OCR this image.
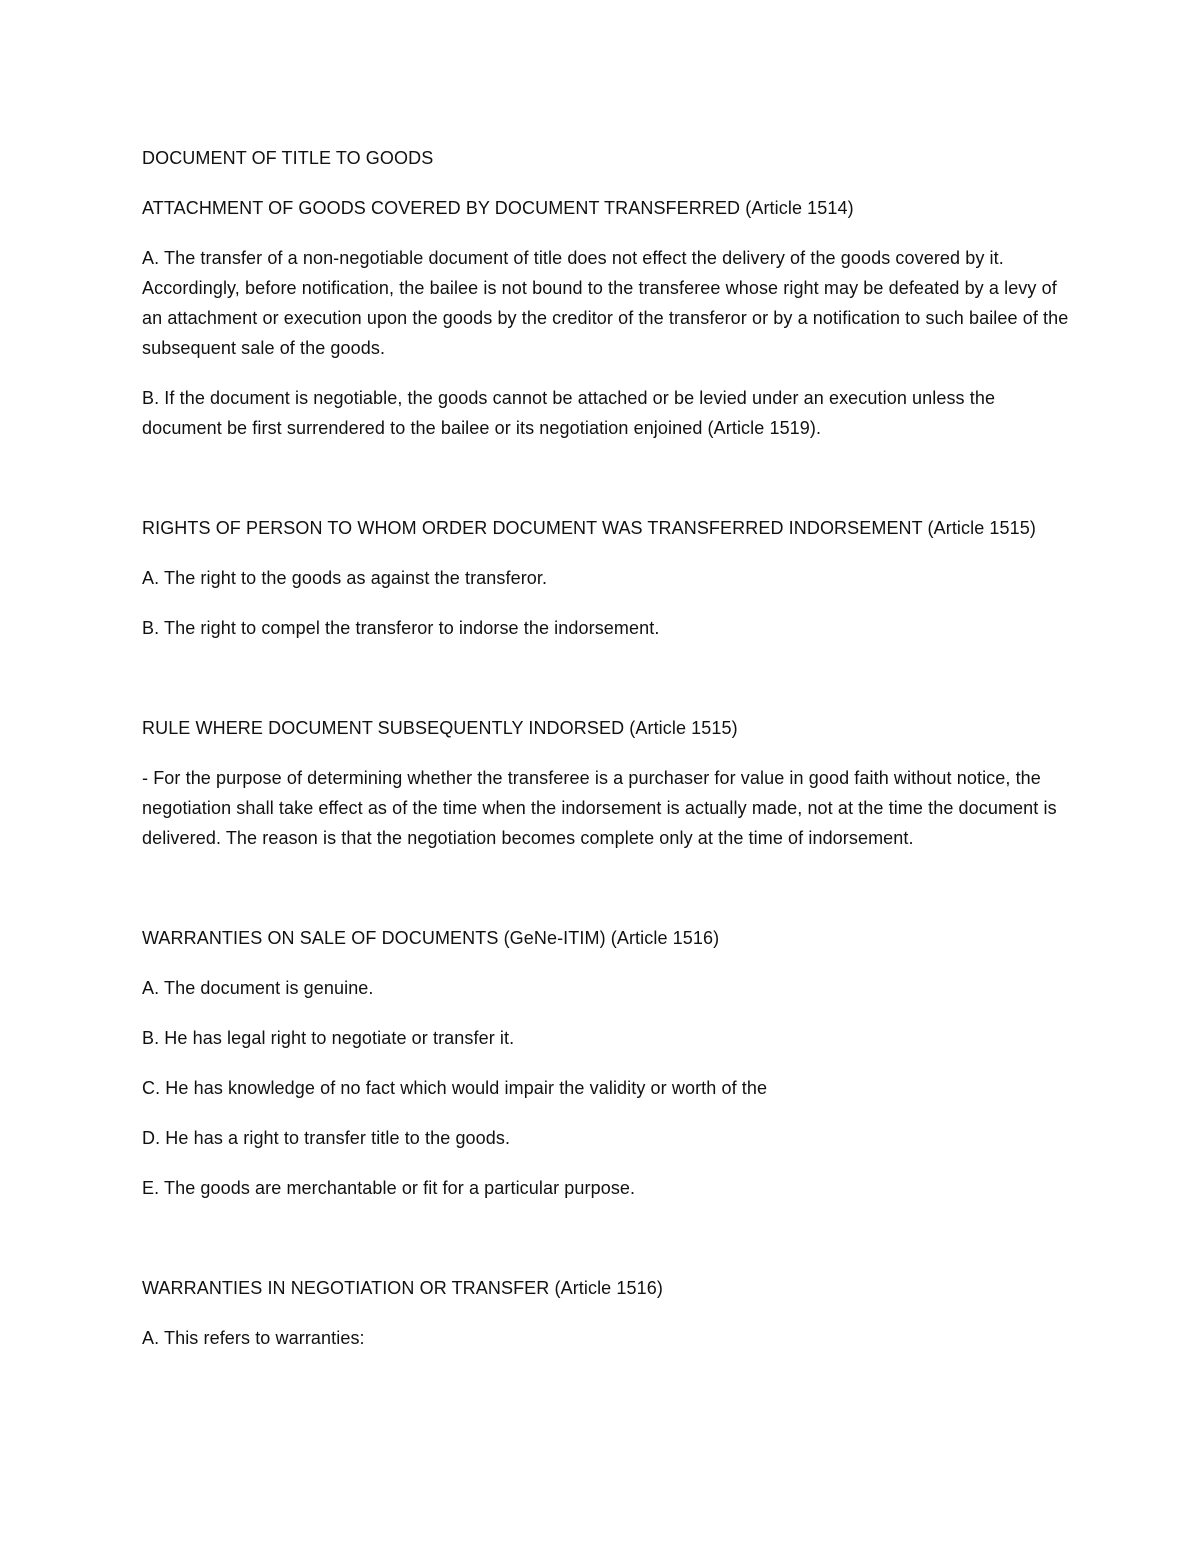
DOCUMENT OF TITLE TO GOODS

ATTACHMENT OF GOODS COVERED BY DOCUMENT TRANSFERRED (Article 1514)

A. The transfer of a non-negotiable document of title does not effect the delivery of the goods covered by it. Accordingly, before notification, the bailee is not bound to the transferee whose right may be defeated by a levy of an attachment or execution upon the goods by the creditor of the transferor or by a notification to such bailee of the subsequent sale of the goods.

B. If the document is negotiable, the goods cannot be attached or be levied under an execution unless the document be first surrendered to the bailee or its negotiation enjoined (Article 1519).

RIGHTS OF PERSON TO WHOM ORDER DOCUMENT WAS TRANSFERRED INDORSEMENT (Article 1515)

A. The right to the goods as against the transferor.

B. The right to compel the transferor to indorse the indorsement.

RULE WHERE DOCUMENT SUBSEQUENTLY INDORSED (Article 1515)

- For the purpose of determining whether the transferee is a purchaser for value in good faith without notice, the negotiation shall take effect as of the time when the indorsement is actually made, not at the time the document is delivered. The reason is that the negotiation becomes complete only at the time of indorsement.

WARRANTIES ON SALE OF DOCUMENTS (GeNe-ITIM) (Article 1516)

A. The document is genuine.

B. He has legal right to negotiate or transfer it.

C. He has knowledge of no fact which would impair the validity or worth of the

D. He has a right to transfer title to the goods.

E. The goods are merchantable or fit for a particular purpose.

WARRANTIES IN NEGOTIATION OR TRANSFER (Article 1516)

A. This refers to warranties:
